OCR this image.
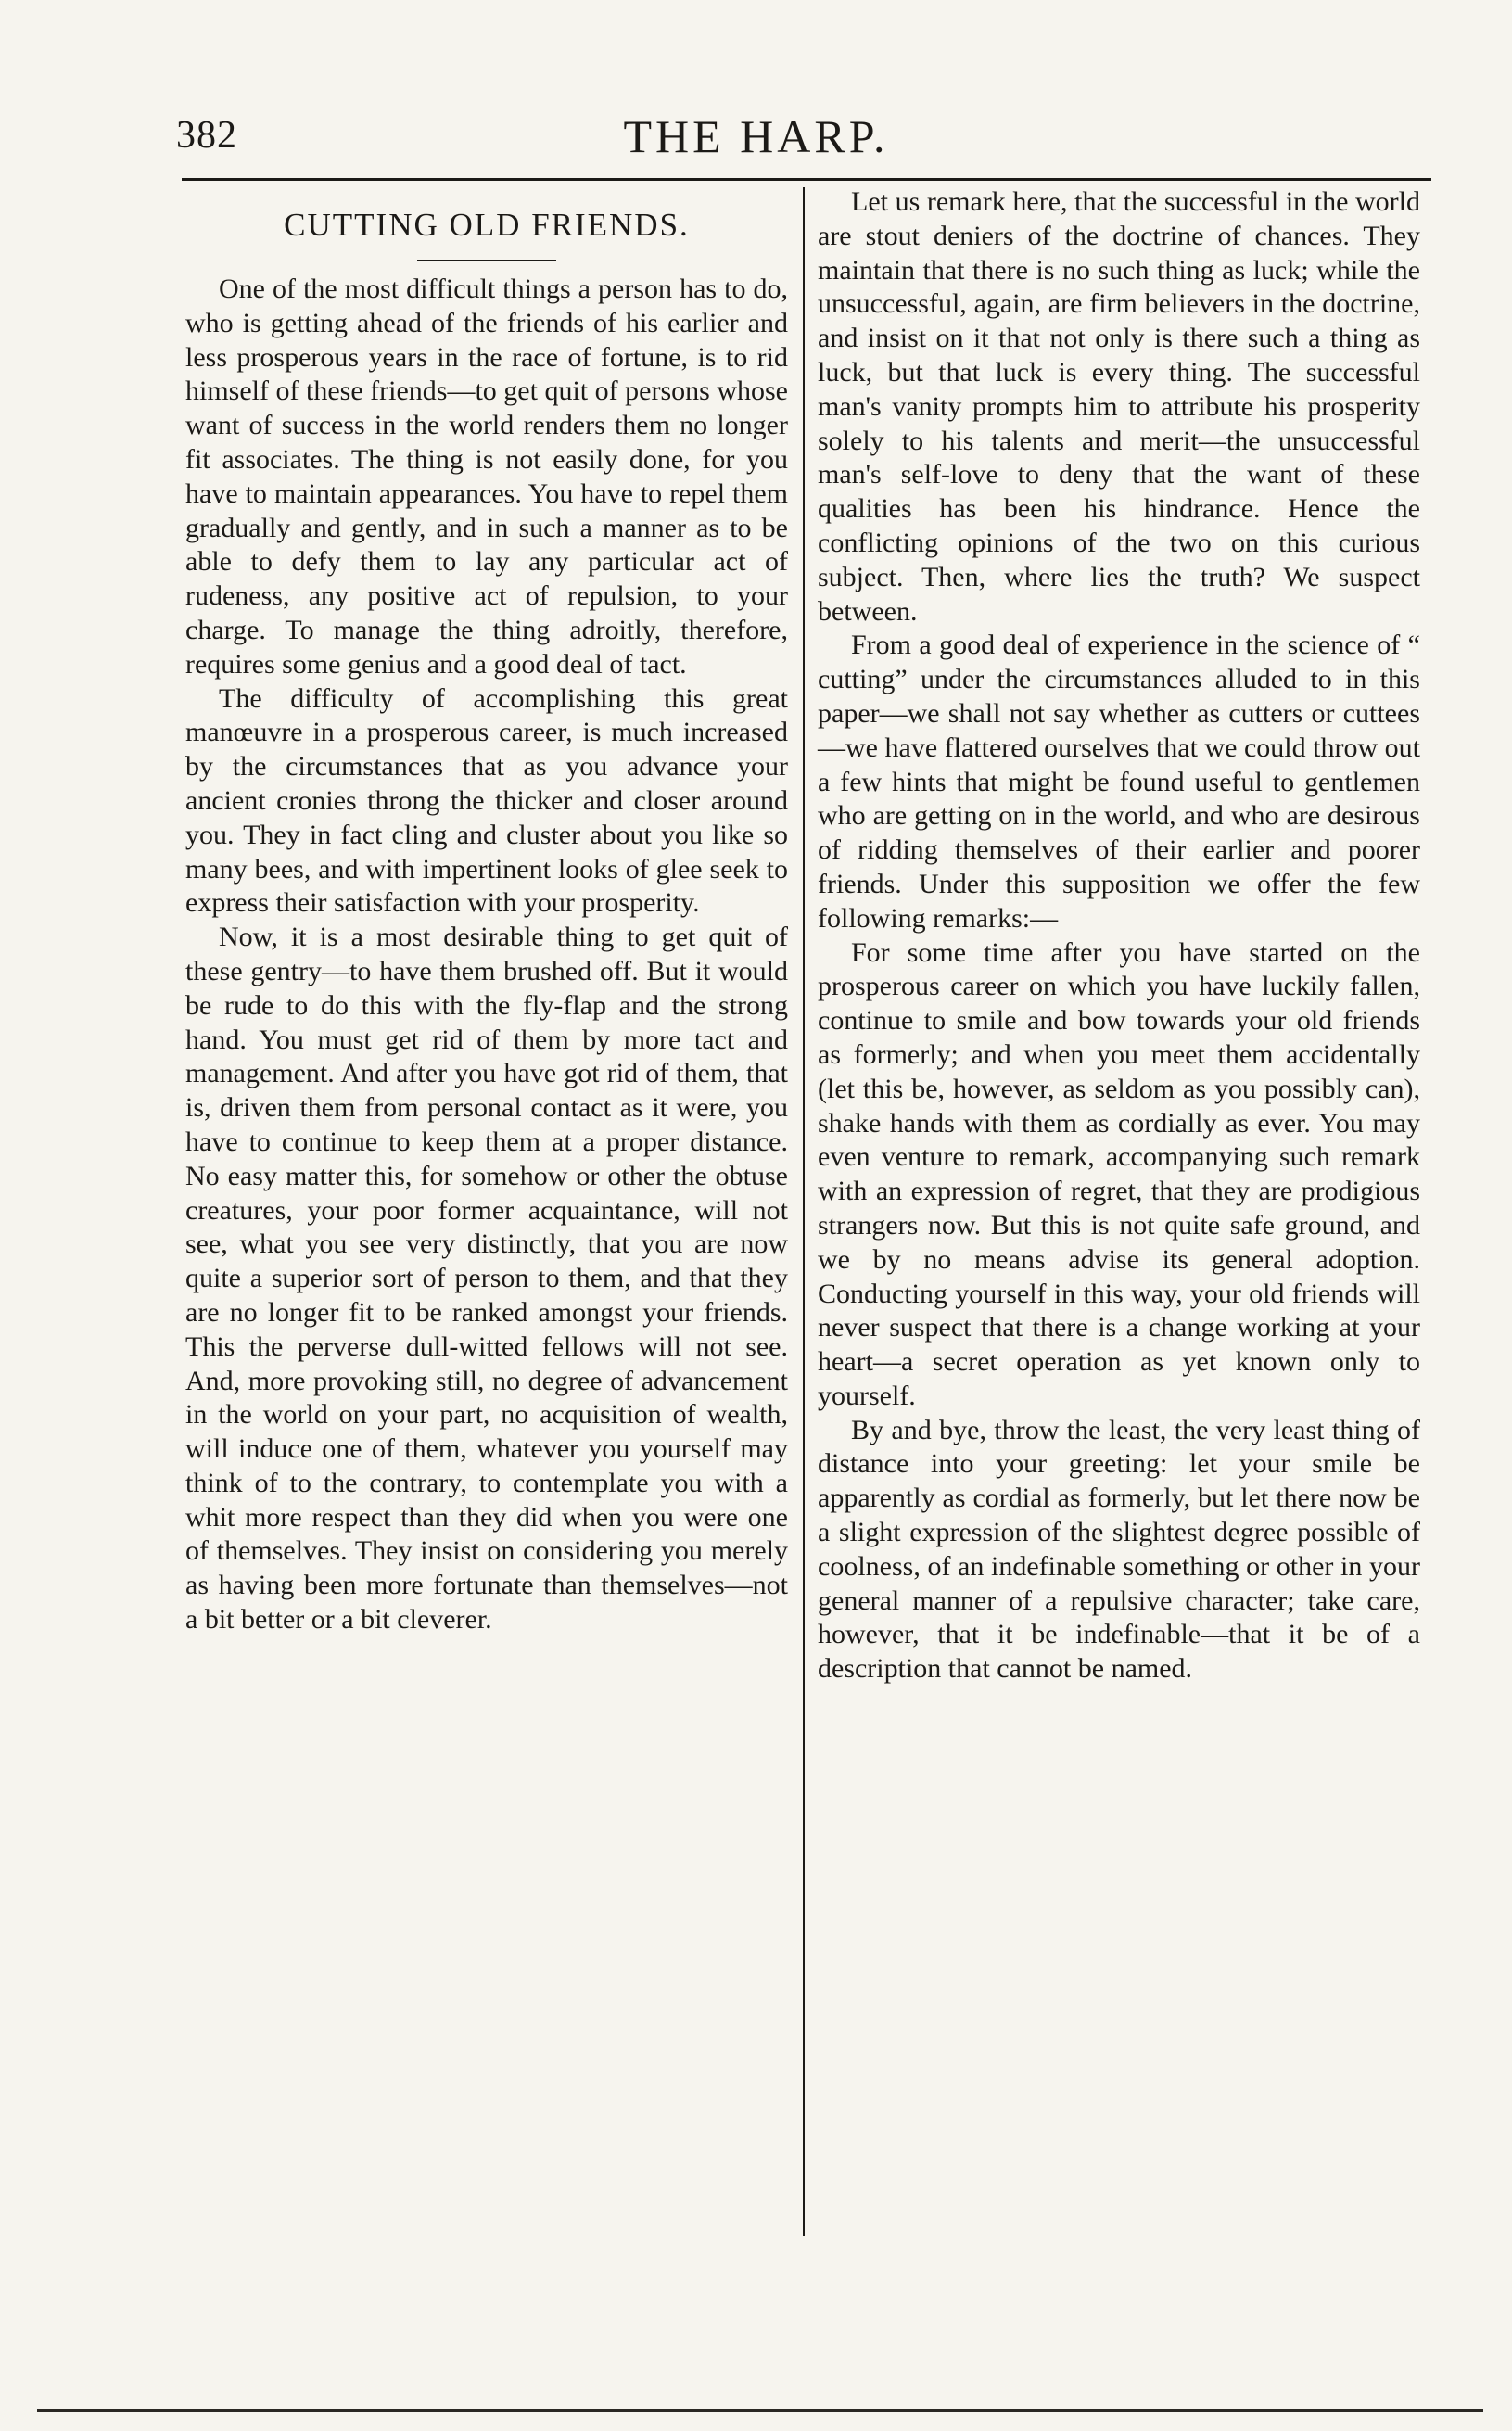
382	THE HARP.
CUTTING OLD FRIENDS.

One of the most difficult things a person has to do, who is getting ahead of the friends of his earlier and less prosperous years in the race of fortune, is to rid himself of these friends—to get quit of persons whose want of success in the world renders them no longer fit associates. The thing is not easily done, for you have to maintain appearances. You have to repel them gradually and gently, and in such a manner as to be able to defy them to lay any particular act of rudeness, any positive act of repulsion, to your charge. To manage the thing adroitly, therefore, requires some genius and a good deal of tact.

The difficulty of accomplishing this great manœuvre in a prosperous career, is much increased by the circumstances that as you advance your ancient cronies throng the thicker and closer around you. They in fact cling and cluster about you like so many bees, and with impertinent looks of glee seek to express their satisfaction with your prosperity.

Now, it is a most desirable thing to get quit of these gentry—to have them brushed off. But it would be rude to do this with the fly-flap and the strong hand. You must get rid of them by more tact and management. And after you have got rid of them, that is, driven them from personal contact as it were, you have to continue to keep them at a proper distance. No easy matter this, for somehow or other the obtuse creatures, your poor former acquaintance, will not see, what you see very distinctly, that you are now quite a superior sort of person to them, and that they are no longer fit to be ranked amongst your friends. This the perverse dull-witted fellows will not see. And, more provoking still, no degree of advancement in the world on your part, no acquisition of wealth, will induce one of them, whatever you yourself may think of to the contrary, to contemplate you with a whit more respect than they did when you were one of themselves. They insist on considering you merely as having been more fortunate than themselves—not a bit better or a bit cleverer.

Let us remark here, that the successful in the world are stout deniers of the doctrine of chances. They maintain that there is no such thing as luck; while the unsuccessful, again, are firm believers in the doctrine, and insist on it that not only is there such a thing as luck, but that luck is every thing. The successful man's vanity prompts him to attribute his prosperity solely to his talents and merit—the unsuccessful man's self-love to deny that the want of these qualities has been his hindrance. Hence the conflicting opinions of the two on this curious subject. Then, where lies the truth? We suspect between.

From a good deal of experience in the science of “ cutting” under the circumstances alluded to in this paper—we shall not say whether as cutters or cuttees—we have flattered ourselves that we could throw out a few hints that might be found useful to gentlemen who are getting on in the world, and who are desirous of ridding themselves of their earlier and poorer friends. Under this supposition we offer the few following remarks:—

For some time after you have started on the prosperous career on which you have luckily fallen, continue to smile and bow towards your old friends as formerly; and when you meet them accidentally (let this be, however, as seldom as you possibly can), shake hands with them as cordially as ever. You may even venture to remark, accompanying such remark with an expression of regret, that they are prodigious strangers now. But this is not quite safe ground, and we by no means advise its general adoption. Conducting yourself in this way, your old friends will never suspect that there is a change working at your heart—a secret operation as yet known only to yourself.

By and bye, throw the least, the very least thing of distance into your greeting: let your smile be apparently as cordial as formerly, but let there now be a slight expression of the slightest degree possible of coolness, of an indefinable something or other in your general manner of a repulsive character; take care, however, that it be indefinable—that it be of a description that cannot be named.
